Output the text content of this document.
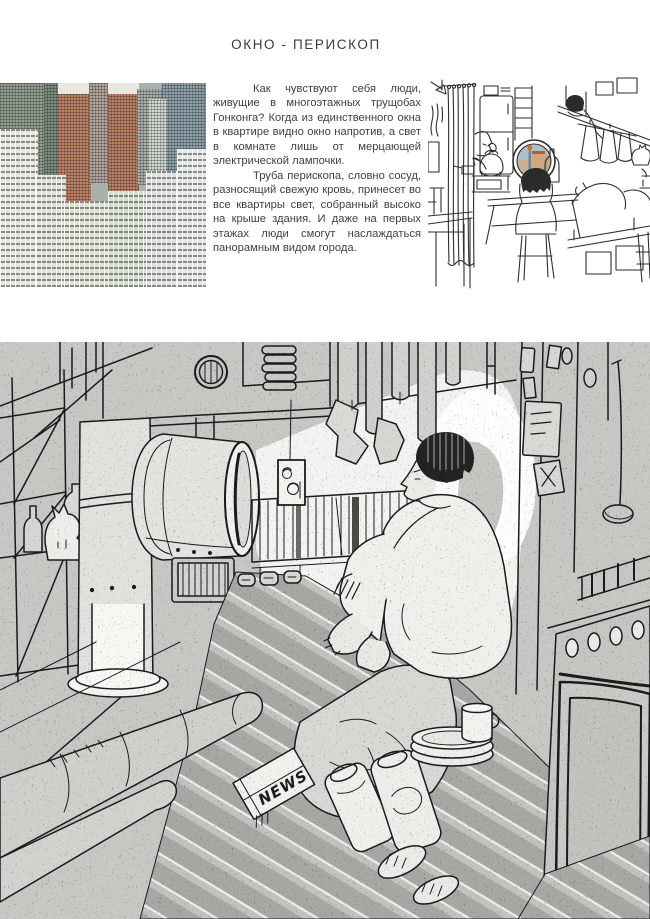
ОКНО - ПЕРИСКОП

Как чувствуют себя люди, живущие в многоэтажных трущобах Гонконга? Когда из единственного окна в квартире видно окно напротив, а свет в комнате лишь от мерцающей электрической лампочки.

Труба перископа, словно сосуд, разносящий свежую кровь, принесет во все квартиры свет, собранный высоко на крыше здания. И даже на первых этажах люди смогут наслаждаться панорамным видом города.
